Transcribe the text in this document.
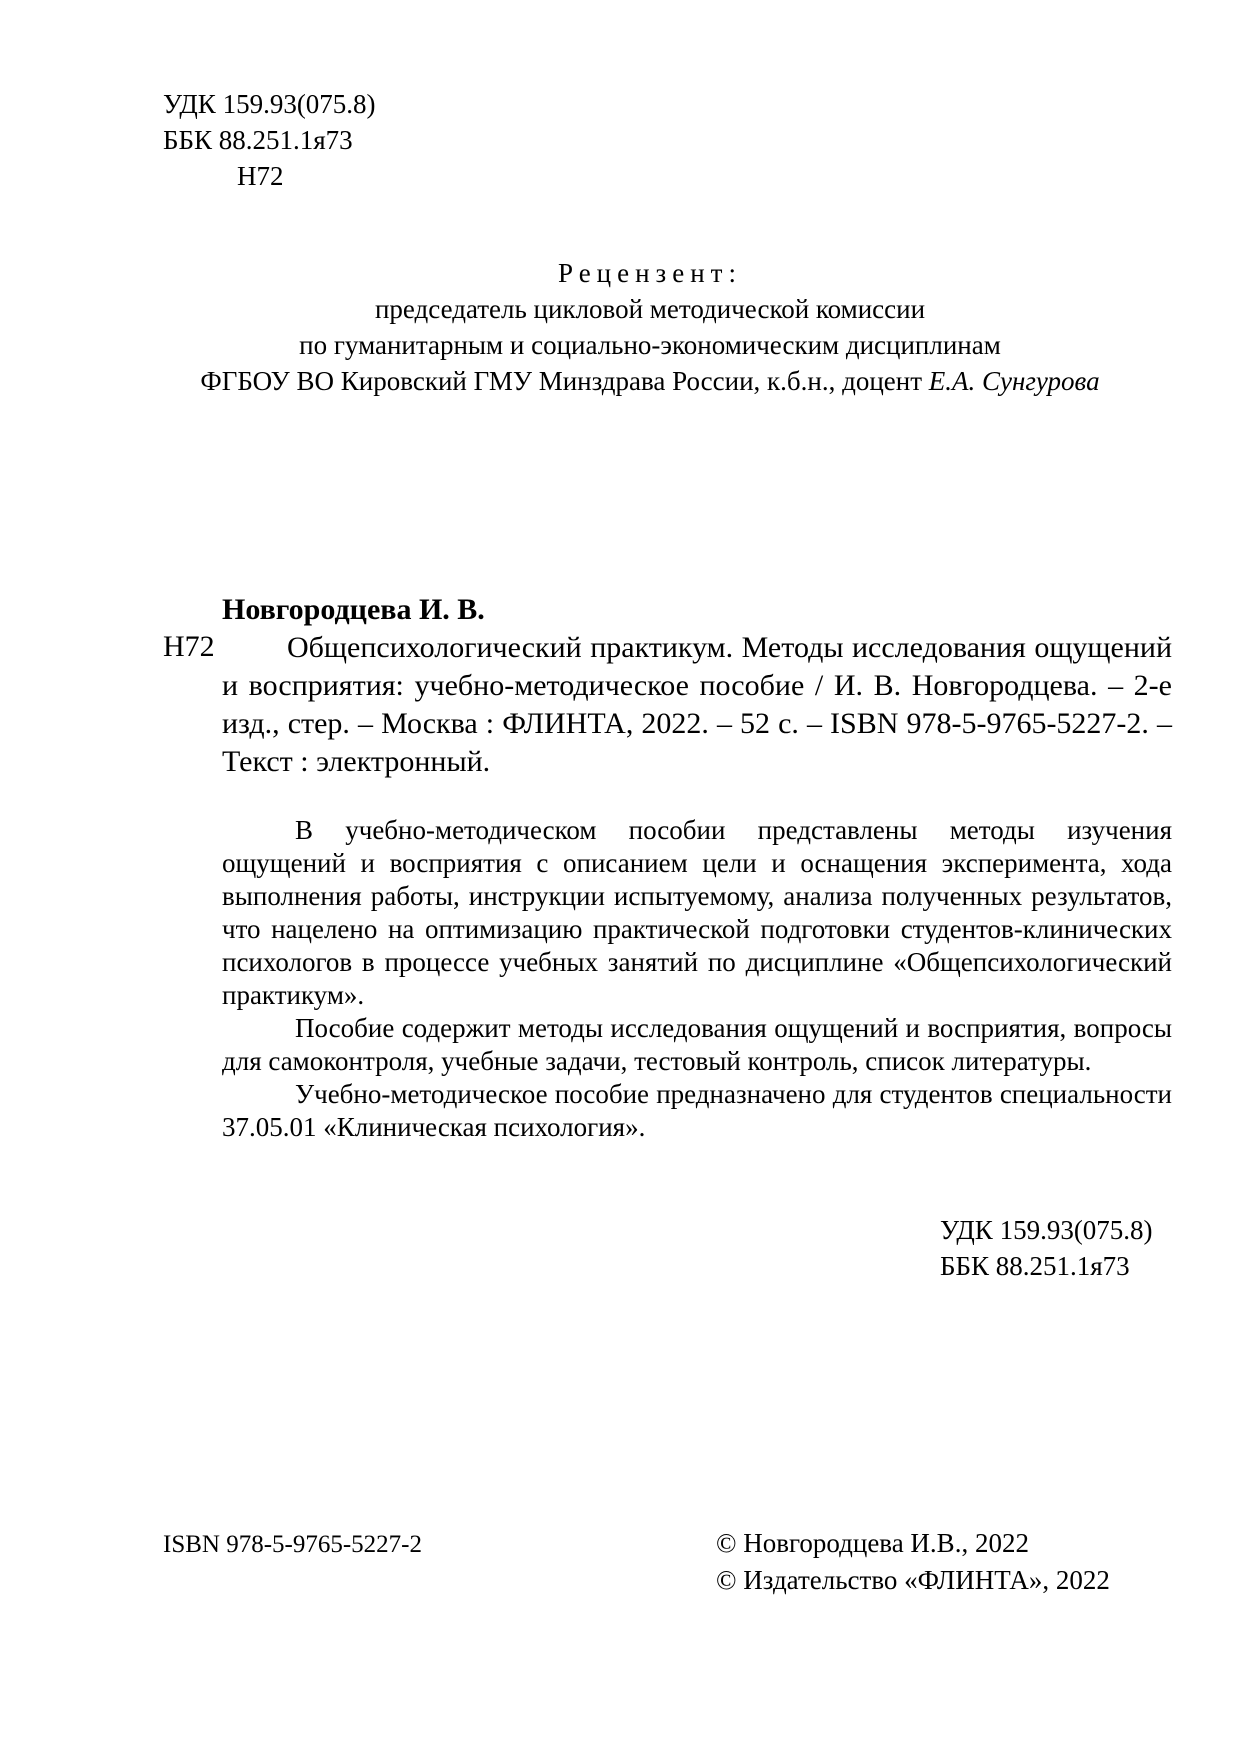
УДК 159.93(075.8)
ББК 88.251.1я73
Н72
Рецензент:
председатель цикловой методической комиссии
по гуманитарным и социально-экономическим дисциплинам
ФГБОУ ВО Кировский ГМУ Минздрава России, к.б.н., доцент Е.А. Сунгурова
Новгородцева И. В.
Н72	Общепсихологический практикум. Методы исследования ощущений и восприятия: учебно-методическое пособие / И. В. Новгородцева. – 2-е изд., стер. – Москва : ФЛИНТА, 2022. – 52 с. – ISBN 978-5-9765-5227-2. – Текст : электронный.

В учебно-методическом пособии представлены методы изучения ощущений и восприятия с описанием цели и оснащения эксперимента, хода выполнения работы, инструкции испытуемому, анализа полученных результатов, что нацелено на оптимизацию практической подготовки студентов-клинических психологов в процессе учебных занятий по дисциплине «Общепсихологический практикум».

Пособие содержит методы исследования ощущений и восприятия, вопросы для самоконтроля, учебные задачи, тестовый контроль, список литературы.

Учебно-методическое пособие предназначено для студентов специальности 37.05.01 «Клиническая психология».

УДК 159.93(075.8)
ББК 88.251.1я73
ISBN 978-5-9765-5227-2	© Новгородцева И.В., 2022
© Издательство «ФЛИНТА», 2022
